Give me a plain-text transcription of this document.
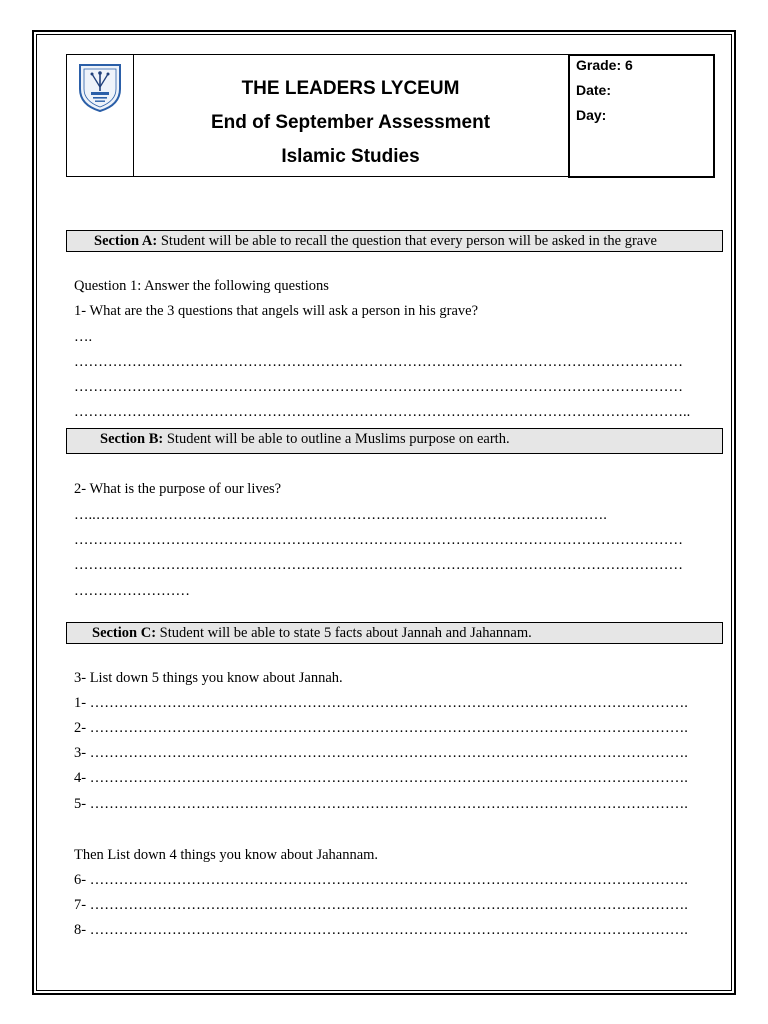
THE LEADERS LYCEUM
End of September Assessment
Islamic Studies
Grade: 6
Date:
Day:
Section A: Student will be able to recall the question that every person will be asked in the grave
Question 1: Answer the following questions
1- What are the 3 questions that angels will ask a person in his grave?
….
………………………………………………………………………………………………………………
………………………………………………………………………………………………………………
………………………………………………………………………………………………………………..
Section B: Student will be able to outline a Muslims purpose on earth.
2- What is the purpose of our lives?
…..…………………………………………………………………………………………….
………………………………………………………………………………………………………………
………………………………………………………………………………………………………………
……………………
Section C: Student will be able to state 5 facts about Jannah and Jahannam.
3- List down 5 things you know about Jannah.
1- …………………………………………………………………………………………………………….
2- …………………………………………………………………………………………………………….
3- …………………………………………………………………………………………………………….
4- …………………………………………………………………………………………………………….
5- …………………………………………………………………………………………………………….
Then List down 4 things you know about Jahannam.
6- …………………………………………………………………………………………………………….
7- …………………………………………………………………………………………………………….
8- …………………………………………………………………………………………………………….
